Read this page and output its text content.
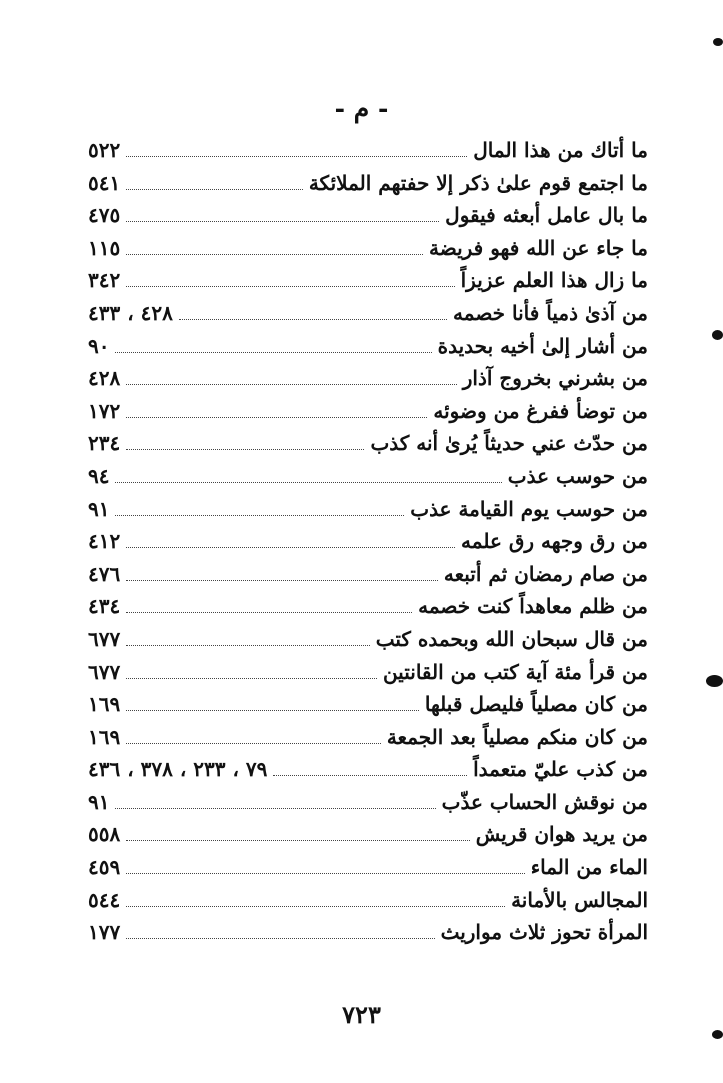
- م -
ما أتاك من هذا المال
٥٢٢
ما اجتمع قوم علىٰ ذكر إلا حفتهم الملائكة
٥٤١
ما بال عامل أبعثه فيقول
٤٧٥
ما جاء عن الله فهو فريضة
١١٥
ما زال هذا العلم عزيزاً
٣٤٢
من آذىٰ ذمياً فأنا خصمه
٤٢٨ ، ٤٣٣
من أشار إلىٰ أخيه بحديدة
٩٠
من بشرني بخروج آذار
٤٢٨
من توضأ ففرغ من وضوئه
١٧٢
من حدّث عني حديثاً يُرىٰ أنه كذب
٢٣٤
من حوسب عذب
٩٤
من حوسب يوم القيامة عذب
٩١
من رق وجهه رق علمه
٤١٢
من صام رمضان ثم أتبعه
٤٧٦
من ظلم معاهداً كنت خصمه
٤٣٤
من قال سبحان الله وبحمده كتب
٦٧٧
من قرأ مئة آية كتب من القانتين
٦٧٧
من كان مصلياً فليصل قبلها
١٦٩
من كان منكم مصلياً بعد الجمعة
١٦٩
من كذب عليّ متعمداً
٧٩ ، ٢٣٣ ، ٣٧٨ ، ٤٣٦
من نوقش الحساب عذّب
٩١
من يريد هوان قريش
٥٥٨
الماء من الماء
٤٥٩
المجالس بالأمانة
٥٤٤
المرأة تحوز ثلاث مواريث
١٧٧
٧٢٣
